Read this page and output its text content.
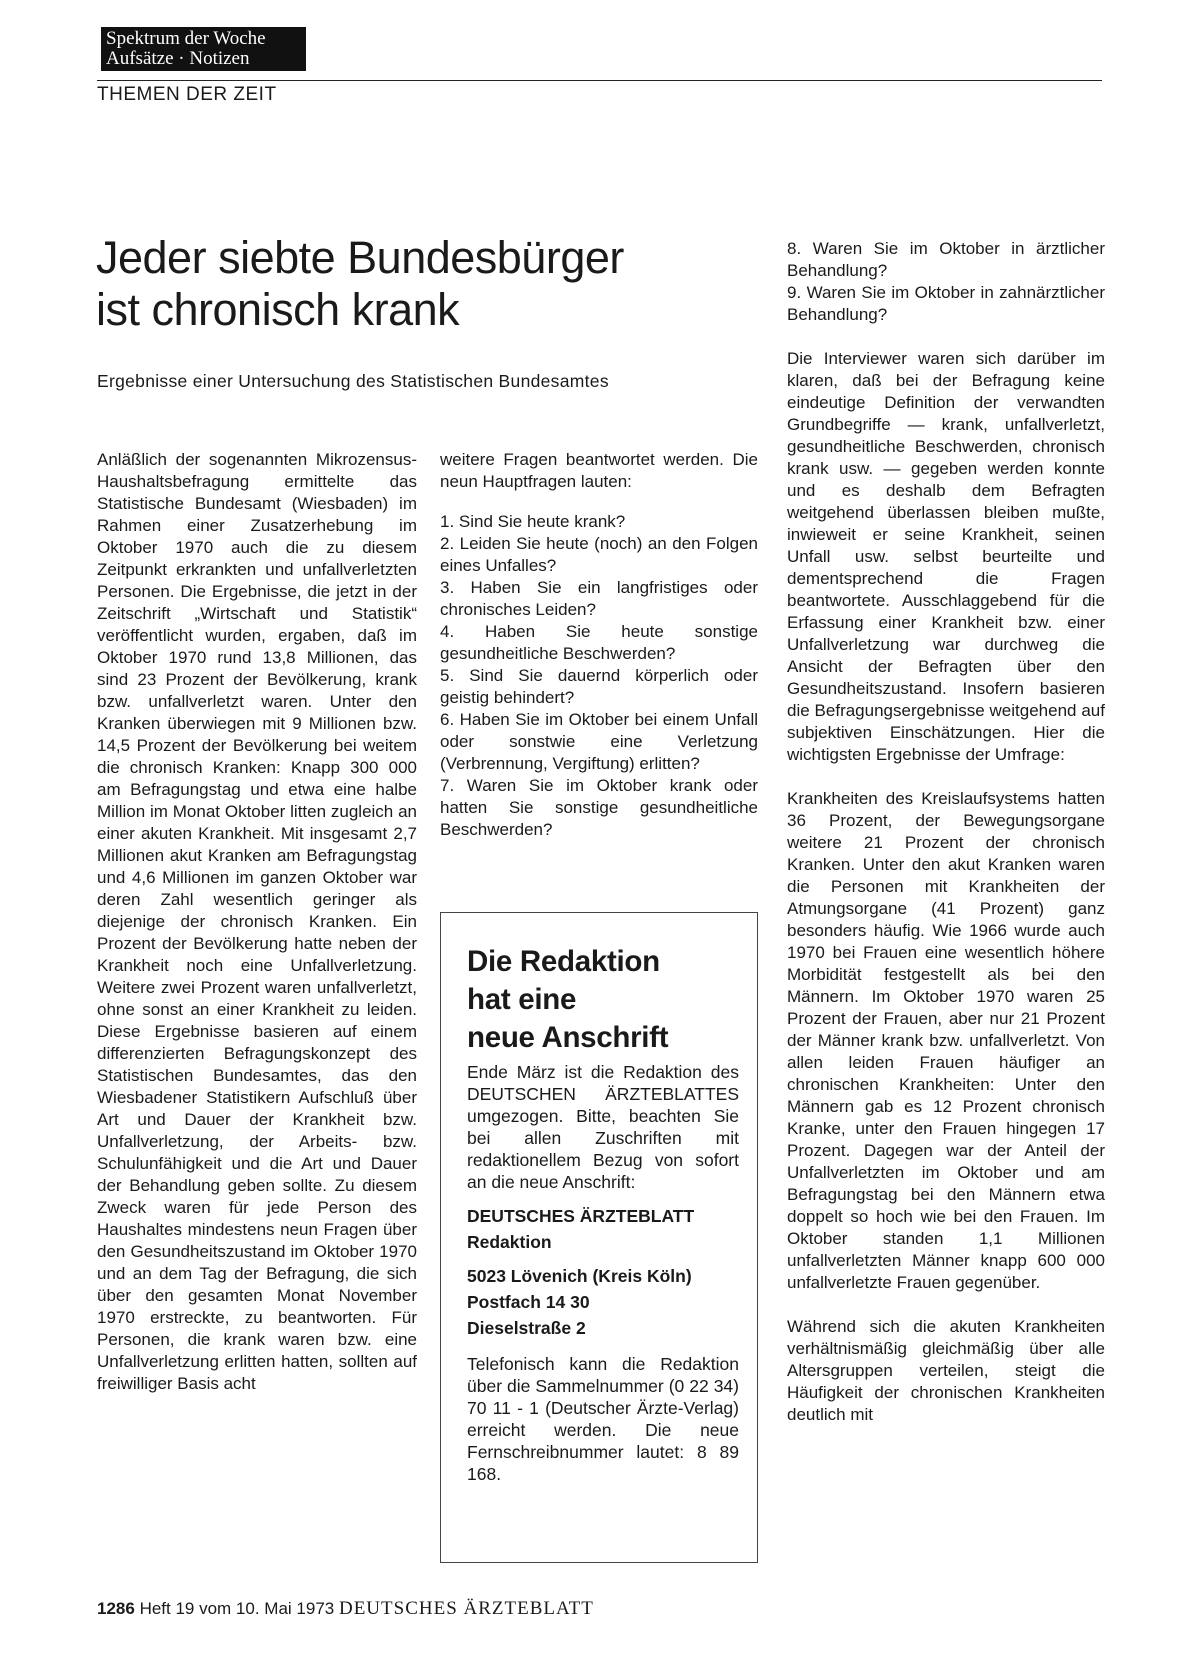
Spektrum der Woche
Aufsätze · Notizen
THEMEN DER ZEIT
Jeder siebte Bundesbürger
ist chronisch krank
Ergebnisse einer Untersuchung des Statistischen Bundesamtes

Anläßlich der sogenannten Mikrozensus-Haushaltsbefragung ermittelte das Statistische Bundesamt (Wiesbaden) im Rahmen einer Zusatzerhebung im Oktober 1970 auch die zu diesem Zeitpunkt erkrankten und unfallverletzten Personen. Die Ergebnisse, die jetzt in der Zeitschrift „Wirtschaft und Statistik“ veröffentlicht wurden, ergaben, daß im Oktober 1970 rund 13,8 Millionen, das sind 23 Prozent der Bevölkerung, krank bzw. unfallverletzt waren. Unter den Kranken überwiegen mit 9 Millionen bzw. 14,5 Prozent der Bevölkerung bei weitem die chronisch Kranken: Knapp 300 000 am Befragungstag und etwa eine halbe Million im Monat Oktober litten zugleich an einer akuten Krankheit. Mit insgesamt 2,7 Millionen akut Kranken am Befragungstag und 4,6 Millionen im ganzen Oktober war deren Zahl wesentlich geringer als diejenige der chronisch Kranken. Ein Prozent der Bevölkerung hatte neben der Krankheit noch eine Unfallverletzung. Weitere zwei Prozent waren unfallverletzt, ohne sonst an einer Krankheit zu leiden. Diese Ergebnisse basieren auf einem differenzierten Befragungskonzept des Statistischen Bundesamtes, das den Wiesbadener Statistikern Aufschluß über Art und Dauer der Krankheit bzw. Unfallverletzung, der Arbeits- bzw. Schulunfähigkeit und die Art und Dauer der Behandlung geben sollte. Zu diesem Zweck waren für jede Person des Haushaltes mindestens neun Fragen über den Gesundheitszustand im Oktober 1970 und an dem Tag der Befragung, die sich über den gesamten Monat November 1970 erstreckte, zu beantworten. Für Personen, die krank waren bzw. eine Unfallverletzung erlitten hatten, sollten auf freiwilliger Basis acht

weitere Fragen beantwortet werden. Die neun Hauptfragen lauten:

1. Sind Sie heute krank?

2. Leiden Sie heute (noch) an den Folgen eines Unfalles?

3. Haben Sie ein langfristiges oder chronisches Leiden?

4. Haben Sie heute sonstige gesundheitliche Beschwerden?

5. Sind Sie dauernd körperlich oder geistig behindert?

6. Haben Sie im Oktober bei einem Unfall oder sonstwie eine Verletzung (Verbrennung, Vergiftung) erlitten?

7. Waren Sie im Oktober krank oder hatten Sie sonstige gesundheitliche Beschwerden?

Die Redaktion
hat eine
neue Anschrift

Ende März ist die Redaktion des DEUTSCHEN ÄRZTEBLATTES umgezogen. Bitte, beachten Sie bei allen Zuschriften mit redaktionellem Bezug von sofort an die neue Anschrift:

DEUTSCHES ÄRZTEBLATT
Redaktion
5023 Lövenich (Kreis Köln)
Postfach 14 30
Dieselstraße 2

Telefonisch kann die Redaktion über die Sammelnummer (0 22 34) 70 11 - 1 (Deutscher Ärzte-Verlag) erreicht werden. Die neue Fernschreibnummer lautet: 8 89 168.

8. Waren Sie im Oktober in ärztlicher Behandlung?

9. Waren Sie im Oktober in zahnärztlicher Behandlung?

Die Interviewer waren sich darüber im klaren, daß bei der Befragung keine eindeutige Definition der verwandten Grundbegriffe — krank, unfallverletzt, gesundheitliche Beschwerden, chronisch krank usw. — gegeben werden konnte und es deshalb dem Befragten weitgehend überlassen bleiben mußte, inwieweit er seine Krankheit, seinen Unfall usw. selbst beurteilte und dementsprechend die Fragen beantwortete. Ausschlaggebend für die Erfassung einer Krankheit bzw. einer Unfallverletzung war durchweg die Ansicht der Befragten über den Gesundheitszustand. Insofern basieren die Befragungsergebnisse weitgehend auf subjektiven Einschätzungen. Hier die wichtigsten Ergebnisse der Umfrage:

Krankheiten des Kreislaufsystems hatten 36 Prozent, der Bewegungsorgane weitere 21 Prozent der chronisch Kranken. Unter den akut Kranken waren die Personen mit Krankheiten der Atmungsorgane (41 Prozent) ganz besonders häufig. Wie 1966 wurde auch 1970 bei Frauen eine wesentlich höhere Morbidität festgestellt als bei den Männern. Im Oktober 1970 waren 25 Prozent der Frauen, aber nur 21 Prozent der Männer krank bzw. unfallverletzt. Von allen leiden Frauen häufiger an chronischen Krankheiten: Unter den Männern gab es 12 Prozent chronisch Kranke, unter den Frauen hingegen 17 Prozent. Dagegen war der Anteil der Unfallverletzten im Oktober und am Befragungstag bei den Männern etwa doppelt so hoch wie bei den Frauen. Im Oktober standen 1,1 Millionen unfallverletzten Männer knapp 600 000 unfallverletzte Frauen gegenüber.

Während sich die akuten Krankheiten verhältnismäßig gleichmäßig über alle Altersgruppen verteilen, steigt die Häufigkeit der chronischen Krankheiten deutlich mit

1286 Heft 19 vom 10. Mai 1973 DEUTSCHES ÄRZTEBLATT
